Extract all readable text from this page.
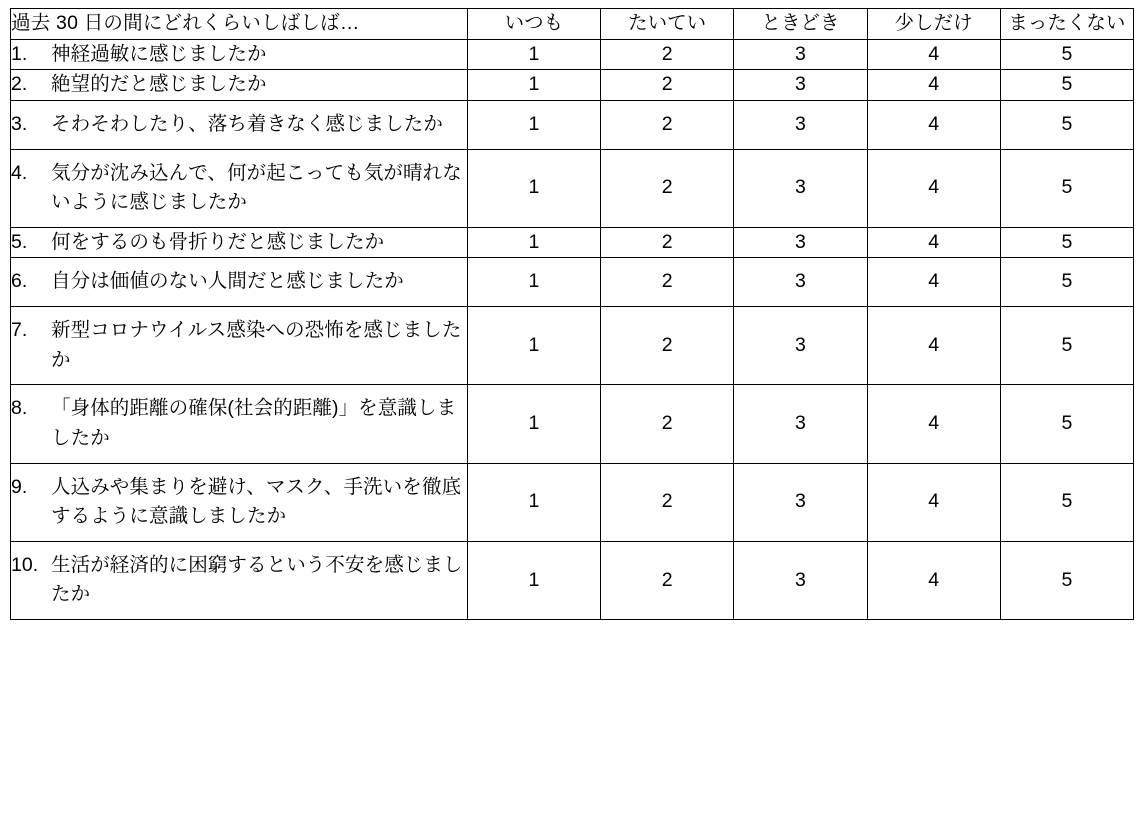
過去 30 日の間にどれくらいしばしば…	いつも	たいてい	ときどき	少しだけ	まったくない

1. 神経過敏に感じましたか	1	2	3	4	5

2. 絶望的だと感じましたか	1	2	3	4	5

3. そわそわしたり、落ち着きなく感じましたか	1	2	3	4	5

4. 気分が沈み込んで、何が起こっても気が晴れないように感じましたか	1	2	3	4	5

5. 何をするのも骨折りだと感じましたか	1	2	3	4	5

6. 自分は価値のない人間だと感じましたか	1	2	3	4	5

7. 新型コロナウイルス感染への恐怖を感じましたか	1	2	3	4	5

8. 「身体的距離の確保(社会的距離)」を意識しましたか	1	2	3	4	5

9. 人込みや集まりを避け、マスク、手洗いを徹底するように意識しましたか	1	2	3	4	5

10. 生活が経済的に困窮するという不安を感じましたか	1	2	3	4	5
